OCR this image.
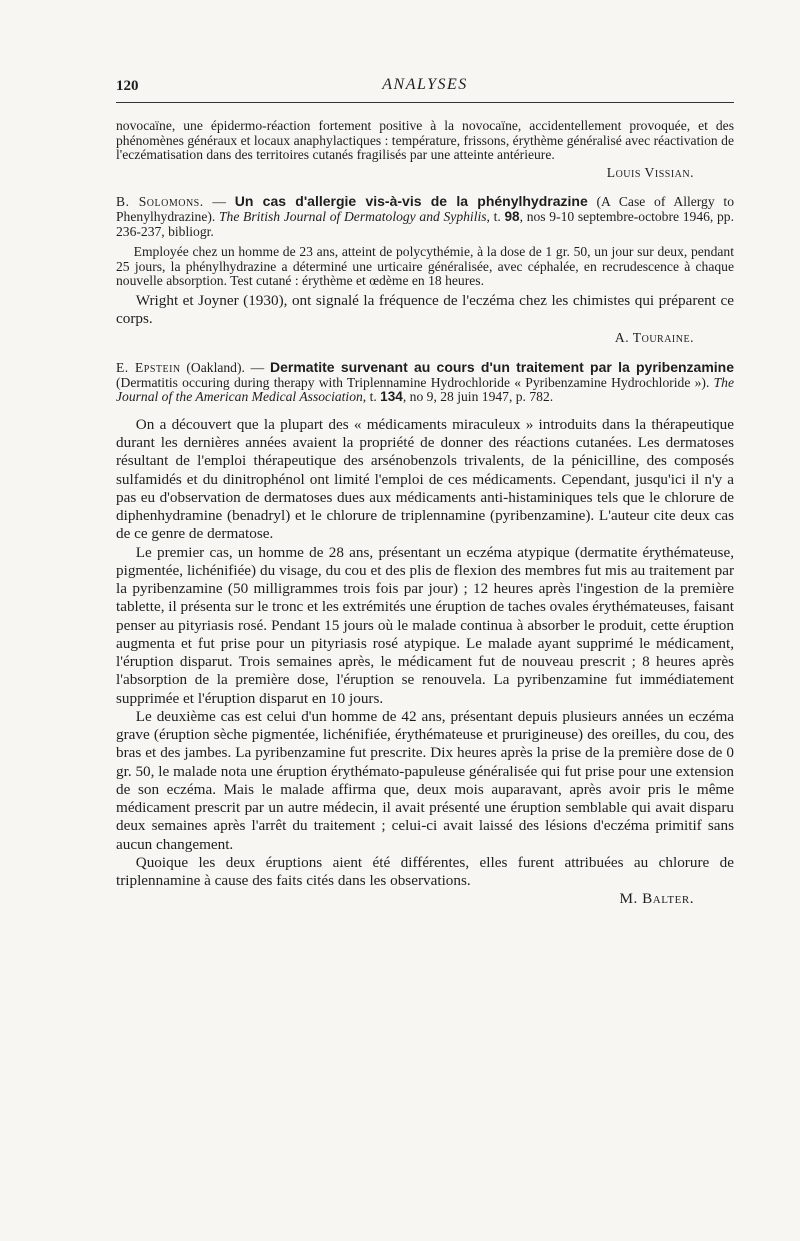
120	ANALYSES

novocaïne, une épidermo-réaction fortement positive à la novocaïne, accidentellement provoquée, et des phénomènes généraux et locaux anaphylactiques : température, frissons, érythème généralisé avec réactivation de l'eczématisation dans des territoires cutanés fragilisés par une atteinte antérieure.

Louis Vissian.

B. Solomons. — Un cas d'allergie vis-à-vis de la phénylhydrazine (A Case of Allergy to Phenylhydrazine). The British Journal of Dermatology and Syphilis, t. 98, nos 9-10 septembre-octobre 1946, pp. 236-237, bibliogr.

Employée chez un homme de 23 ans, atteint de polycythémie, à la dose de 1 gr. 50, un jour sur deux, pendant 25 jours, la phénylhydrazine a déterminé une urticaire généralisée, avec céphalée, en recrudescence à chaque nouvelle absorption. Test cutané : érythème et œdème en 18 heures.

Wright et Joyner (1930), ont signalé la fréquence de l'eczéma chez les chimistes qui préparent ce corps.

A. Touraine.

E. Epstein (Oakland). — Dermatite survenant au cours d'un traitement par la pyribenzamine (Dermatitis occuring during therapy with Triplennamine Hydrochloride « Pyribenzamine Hydrochloride »). The Journal of the American Medical Association, t. 134, no 9, 28 juin 1947, p. 782.

On a découvert que la plupart des « médicaments miraculeux » introduits dans la thérapeutique durant les dernières années avaient la propriété de donner des réactions cutanées. Les dermatoses résultant de l'emploi thérapeutique des arsénobenzols trivalents, de la pénicilline, des composés sulfamidés et du dinitrophénol ont limité l'emploi de ces médicaments. Cependant, jusqu'ici il n'y a pas eu d'observation de dermatoses dues aux médicaments anti-histaminiques tels que le chlorure de diphenhydramine (benadryl) et le chlorure de triplennamine (pyribenzamine). L'auteur cite deux cas de ce genre de dermatose.

Le premier cas, un homme de 28 ans, présentant un eczéma atypique (dermatite érythémateuse, pigmentée, lichénifiée) du visage, du cou et des plis de flexion des membres fut mis au traitement par la pyribenzamine (50 milligrammes trois fois par jour) ; 12 heures après l'ingestion de la première tablette, il présenta sur le tronc et les extrémités une éruption de taches ovales érythémateuses, faisant penser au pityriasis rosé. Pendant 15 jours où le malade continua à absorber le produit, cette éruption augmenta et fut prise pour un pityriasis rosé atypique. Le malade ayant supprimé le médicament, l'éruption disparut. Trois semaines après, le médicament fut de nouveau prescrit ; 8 heures après l'absorption de la première dose, l'éruption se renouvela. La pyribenzamine fut immédiatement supprimée et l'éruption disparut en 10 jours.

Le deuxième cas est celui d'un homme de 42 ans, présentant depuis plusieurs années un eczéma grave (éruption sèche pigmentée, lichénifiée, érythémateuse et prurigineuse) des oreilles, du cou, des bras et des jambes. La pyribenzamine fut prescrite. Dix heures après la prise de la première dose de 0 gr. 50, le malade nota une éruption érythémato-papuleuse généralisée qui fut prise pour une extension de son eczéma. Mais le malade affirma que, deux mois auparavant, après avoir pris le même médicament prescrit par un autre médecin, il avait présenté une éruption semblable qui avait disparu deux semaines après l'arrêt du traitement ; celui-ci avait laissé des lésions d'eczéma primitif sans aucun changement.

Quoique les deux éruptions aient été différentes, elles furent attribuées au chlorure de triplennamine à cause des faits cités dans les observations.

M. Balter.
